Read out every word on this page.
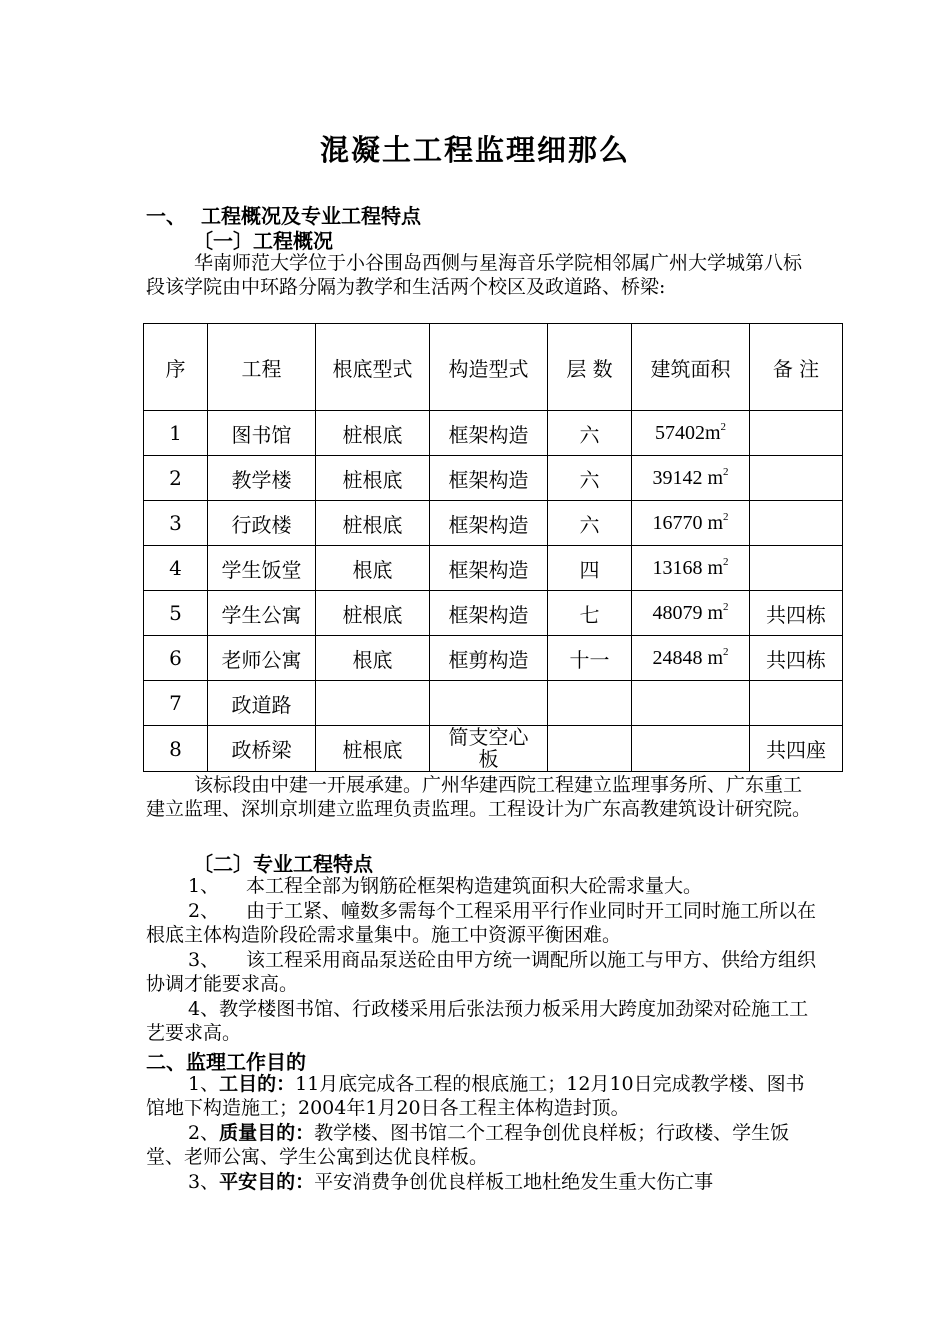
混凝土工程监理细那么
一、 工程概况及专业工程特点
〔一〕工程概况
华南师范大学位于小谷围岛西侧与星海音乐学院相邻属广州大学城第八标段该学院由中环路分隔为教学和生活两个校区及政道路、桥梁:
序	工程	根底型式	构造型式	层 数	建筑面积	备 注
1	图书馆	桩根底	框架构造	六	$57402m^2$	
2	教学楼	桩根底	框架构造	六	39142 $m^2$	
3	行政楼	桩根底	框架构造	六	16770 $m^2$	
4	学生饭堂	根底	框架构造	四	13168 $m^2$	
5	学生公寓	桩根底	框架构造	七	48079 $m^2$	共四栋
6	老师公寓	根底	框剪构造	十一	24848 $m^2$	共四栋
7	政道路					
8	政桥梁	桩根底	简支空心板			共四座
该标段由中建一开展承建。广州华建西院工程建立监理事务所、广东重工建立监理、深圳京圳建立监理负责监理。工程设计为广东高教建筑设计研究院。
〔二〕专业工程特点
1、 本工程全部为钢筋砼框架构造建筑面积大砼需求量大。
2、 由于工紧、幢数多需每个工程采用平行作业同时开工同时施工所以在根底主体构造阶段砼需求量集中。施工中资源平衡困难。
3、 该工程采用商品泵送砼由甲方统一调配所以施工与甲方、供给方组织协调才能要求高。
4、教学楼图书馆、行政楼采用后张法预力板采用大跨度加劲梁对砼施工工艺要求高。
二、监理工作目的
1、工目的：11月底完成各工程的根底施工；12月10日完成教学楼、图书馆地下构造施工；2004年1月20日各工程主体构造封顶。
2、质量目的：教学楼、图书馆二个工程争创优良样板；行政楼、学生饭堂、老师公寓、学生公寓到达优良样板。
3、平安目的：平安消费争创优良样板工地杜绝发生重大伤亡事
